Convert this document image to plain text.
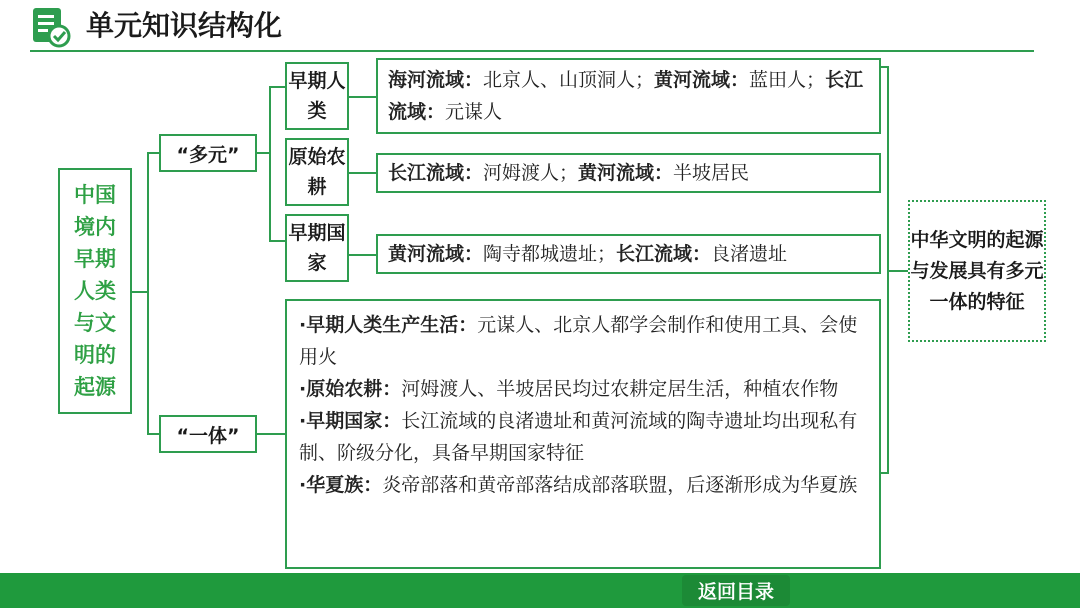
单元知识结构化
中国境内早期人类与文明的起源
“多元”
“一体”
早期人类
原始农耕
早期国家
海河流域：北京人、山顶洞人；黄河流域：蓝田人；长江流域：元谋人
长江流域：河姆渡人；黄河流域：半坡居民
黄河流域：陶寺都城遗址；长江流域：良渚遗址

·早期人类生产生活：元谋人、北京人都学会制作和使用工具、会使用火

·原始农耕：河姆渡人、半坡居民均过农耕定居生活，种植农作物

·早期国家：长江流域的良渚遗址和黄河流域的陶寺遗址均出现私有制、阶级分化，具备早期国家特征

·华夏族：炎帝部落和黄帝部落结成部落联盟，后逐渐形成为华夏族

中华文明的起源与发展具有多元一体的特征
返回目录
